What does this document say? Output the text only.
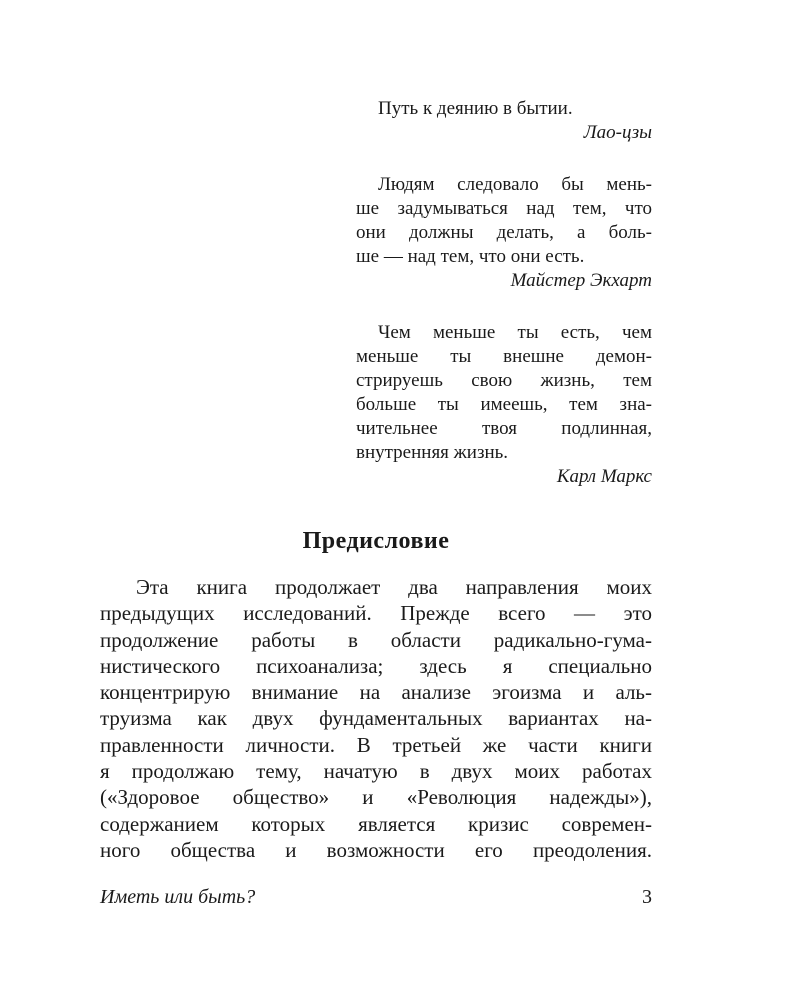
Путь к деянию в бытии.
Лао-цзы
Людям следовало бы мень-
ше задумываться над тем, что
они должны делать, а боль-
ше — над тем, что они есть.
Майстер Экхарт
Чем меньше ты есть, чем
меньше ты внешне демон-
стрируешь свою жизнь, тем
больше ты имеешь, тем зна-
чительнее твоя подлинная,
внутренняя жизнь.
Карл Маркс
Предисловие
Эта книга продолжает два направления моих
предыдущих исследований. Прежде всего — это
продолжение работы в области радикально-гума-
нистического психоанализа; здесь я специально
концентрирую внимание на анализе эгоизма и аль-
труизма как двух фундаментальных вариантах на-
правленности личности. В третьей же части книги
я продолжаю тему, начатую в двух моих работах
(«Здоровое общество» и «Революция надежды»),
содержанием которых является кризис современ-
ного общества и возможности его преодоления.
Иметь или быть?	3
